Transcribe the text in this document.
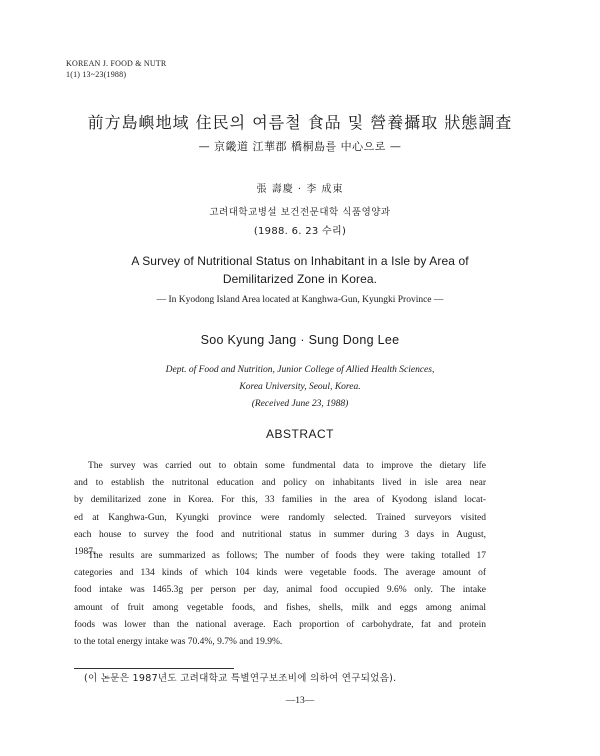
KOREAN J. FOOD & NUTR
1(1) 13~23(1988)
前方島嶼地域 住民의 여름철 食品 및 營養攝取 狀態調査
— 京畿道 江華郡 橋桐島를 中心으로 —
張 壽慶 · 李 成東
고려대학교병설 보건전문대학 식품영양과
(1988. 6. 23 수리)
A Survey of Nutritional Status on Inhabitant in a Isle by Area of
Demilitarized Zone in Korea.
— In Kyodong Island Area located at Kanghwa-Gun, Kyungki Province —
Soo Kyung Jang · Sung Dong Lee
Dept. of Food and Nutrition, Junior College of Allied Health Sciences,
Korea University, Seoul, Korea.
(Received June 23, 1988)
ABSTRACT
The survey was carried out to obtain some fundmental data to improve the dietary life
and to establish the nutritonal education and policy on inhabitants lived in isle area near
by demilitarized zone in Korea. For this, 33 families in the area of Kyodong island locat-
ed at Kanghwa-Gun, Kyungki province were randomly selected. Trained surveyors visited
each house to survey the food and nutritional status in summer during 3 days in August,
1987.
The results are summarized as follows; The number of foods they were taking totalled 17
categories and 134 kinds of which 104 kinds were vegetable foods. The average amount of
food intake was 1465.3g per person per day, animal food occupied 9.6% only. The intake
amount of fruit among vegetable foods, and fishes, shells, milk and eggs among animal
foods was lower than the national average. Each proportion of carbohydrate, fat and protein
to the total energy intake was 70.4%, 9.7% and 19.9%.
(이 논문은 1987년도 고려대학교 특별연구보조비에 의하여 연구되었음).
—13—
